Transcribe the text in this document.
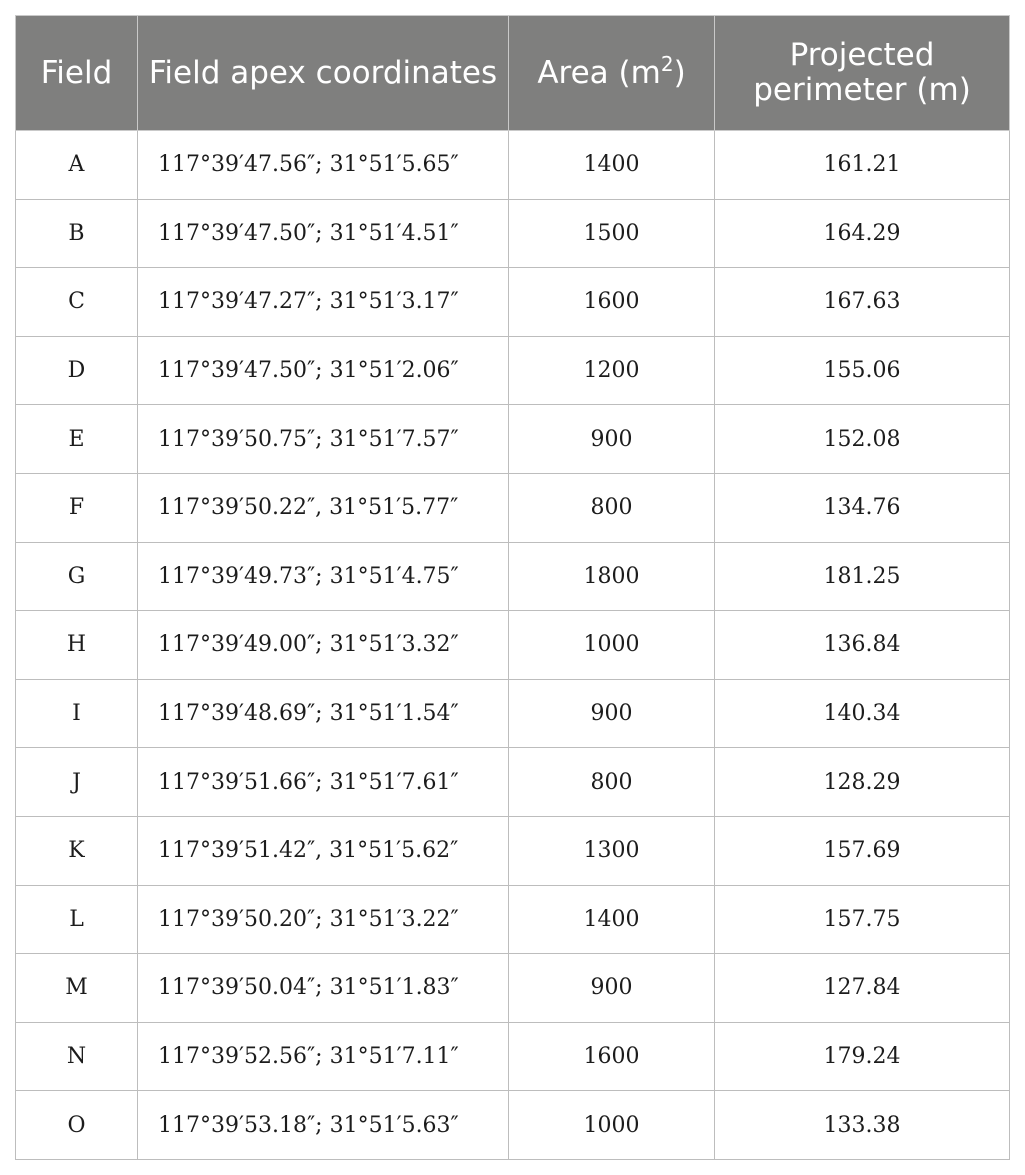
Field	Field apex coordinates	Area $(m^2)$	Projected perimeter (m)
A	117°39′47.56″; 31°51′5.65″	1400	161.21
B	117°39′47.50″; 31°51′4.51″	1500	164.29
C	117°39′47.27″; 31°51′3.17″	1600	167.63
D	117°39′47.50″; 31°51′2.06″	1200	155.06
E	117°39′50.75″; 31°51′7.57″	900	152.08
F	117°39′50.22″, 31°51′5.77″	800	134.76
G	117°39′49.73″; 31°51′4.75″	1800	181.25
H	117°39′49.00″; 31°51′3.32″	1000	136.84
I	117°39′48.69″; 31°51′1.54″	900	140.34
J	117°39′51.66″; 31°51′7.61″	800	128.29
K	117°39′51.42″, 31°51′5.62″	1300	157.69
L	117°39′50.20″; 31°51′3.22″	1400	157.75
M	117°39′50.04″; 31°51′1.83″	900	127.84
N	117°39′52.56″; 31°51′7.11″	1600	179.24
O	117°39′53.18″; 31°51′5.63″	1000	133.38
